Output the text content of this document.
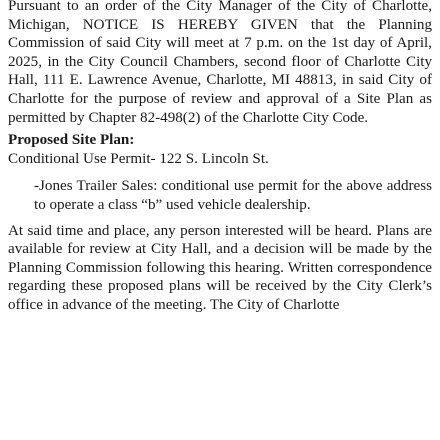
Pursuant to an order of the City Manager of the City of Charlotte, Michigan, NOTICE IS HEREBY GIVEN that the Planning Commission of said City will meet at 7 p.m. on the 1st day of April, 2025, in the City Council Chambers, second floor of Charlotte City Hall, 111 E. Lawrence Avenue, Charlotte, MI 48813, in said City of Charlotte for the purpose of review and approval of a Site Plan as permitted by Chapter 82-498(2) of the Charlotte City Code.

Proposed Site Plan:
Conditional Use Permit- 122 S. Lincoln St.

-Jones Trailer Sales: conditional use permit for the above address to operate a class “b” used vehicle dealership.

At said time and place, any person interested will be heard. Plans are available for review at City Hall, and a decision will be made by the Planning Commission following this hearing. Written correspondence regarding these proposed plans will be received by the City Clerk’s office in advance of the meeting. The City of Charlotte
